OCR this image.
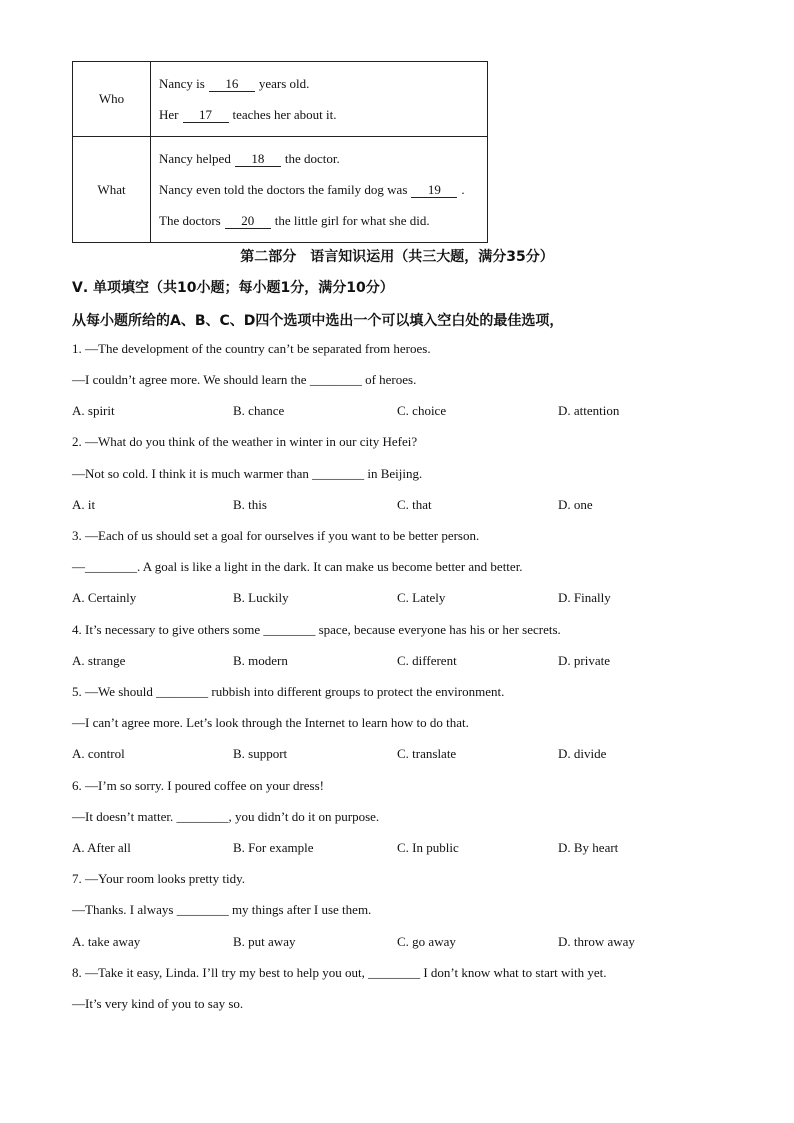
Who	Nancy is 16 years old.
Her 17 teaches her about it.

What	Nancy helped 18 the doctor.
Nancy even told the doctors the family dog was 19 .
The doctors 20 the little girl for what she did.
第二部分　语言知识运用（共三大题，满分35分）
Ⅴ. 单项填空（共10小题；每小题1分，满分10分）
从每小题所给的A、B、C、D四个选项中选出一个可以填入空白处的最佳选项，
1. —The development of the country can’t be separated from heroes.
—I couldn’t agree more. We should learn the ________ of heroes.
A. spirit	B. chance	C. choice	D. attention
2. —What do you think of the weather in winter in our city Hefei?
—Not so cold. I think it is much warmer than ________ in Beijing.
A. it	B. this	C. that	D. one
3. —Each of us should set a goal for ourselves if you want to be better person.
—________. A goal is like a light in the dark. It can make us become better and better.
A. Certainly	B. Luckily	C. Lately	D. Finally
4. It’s necessary to give others some ________ space, because everyone has his or her secrets.
A. strange	B. modern	C. different	D. private
5. —We should ________ rubbish into different groups to protect the environment.
—I can’t agree more. Let’s look through the Internet to learn how to do that.
A. control	B. support	C. translate	D. divide
6. —I’m so sorry. I poured coffee on your dress!
—It doesn’t matter. ________, you didn’t do it on purpose.
A. After all	B. For example	C. In public	D. By heart
7. —Your room looks pretty tidy.
—Thanks. I always ________ my things after I use them.
A. take away	B. put away	C. go away	D. throw away
8. —Take it easy, Linda. I’ll try my best to help you out, ________ I don’t know what to start with yet.
—It’s very kind of you to say so.
